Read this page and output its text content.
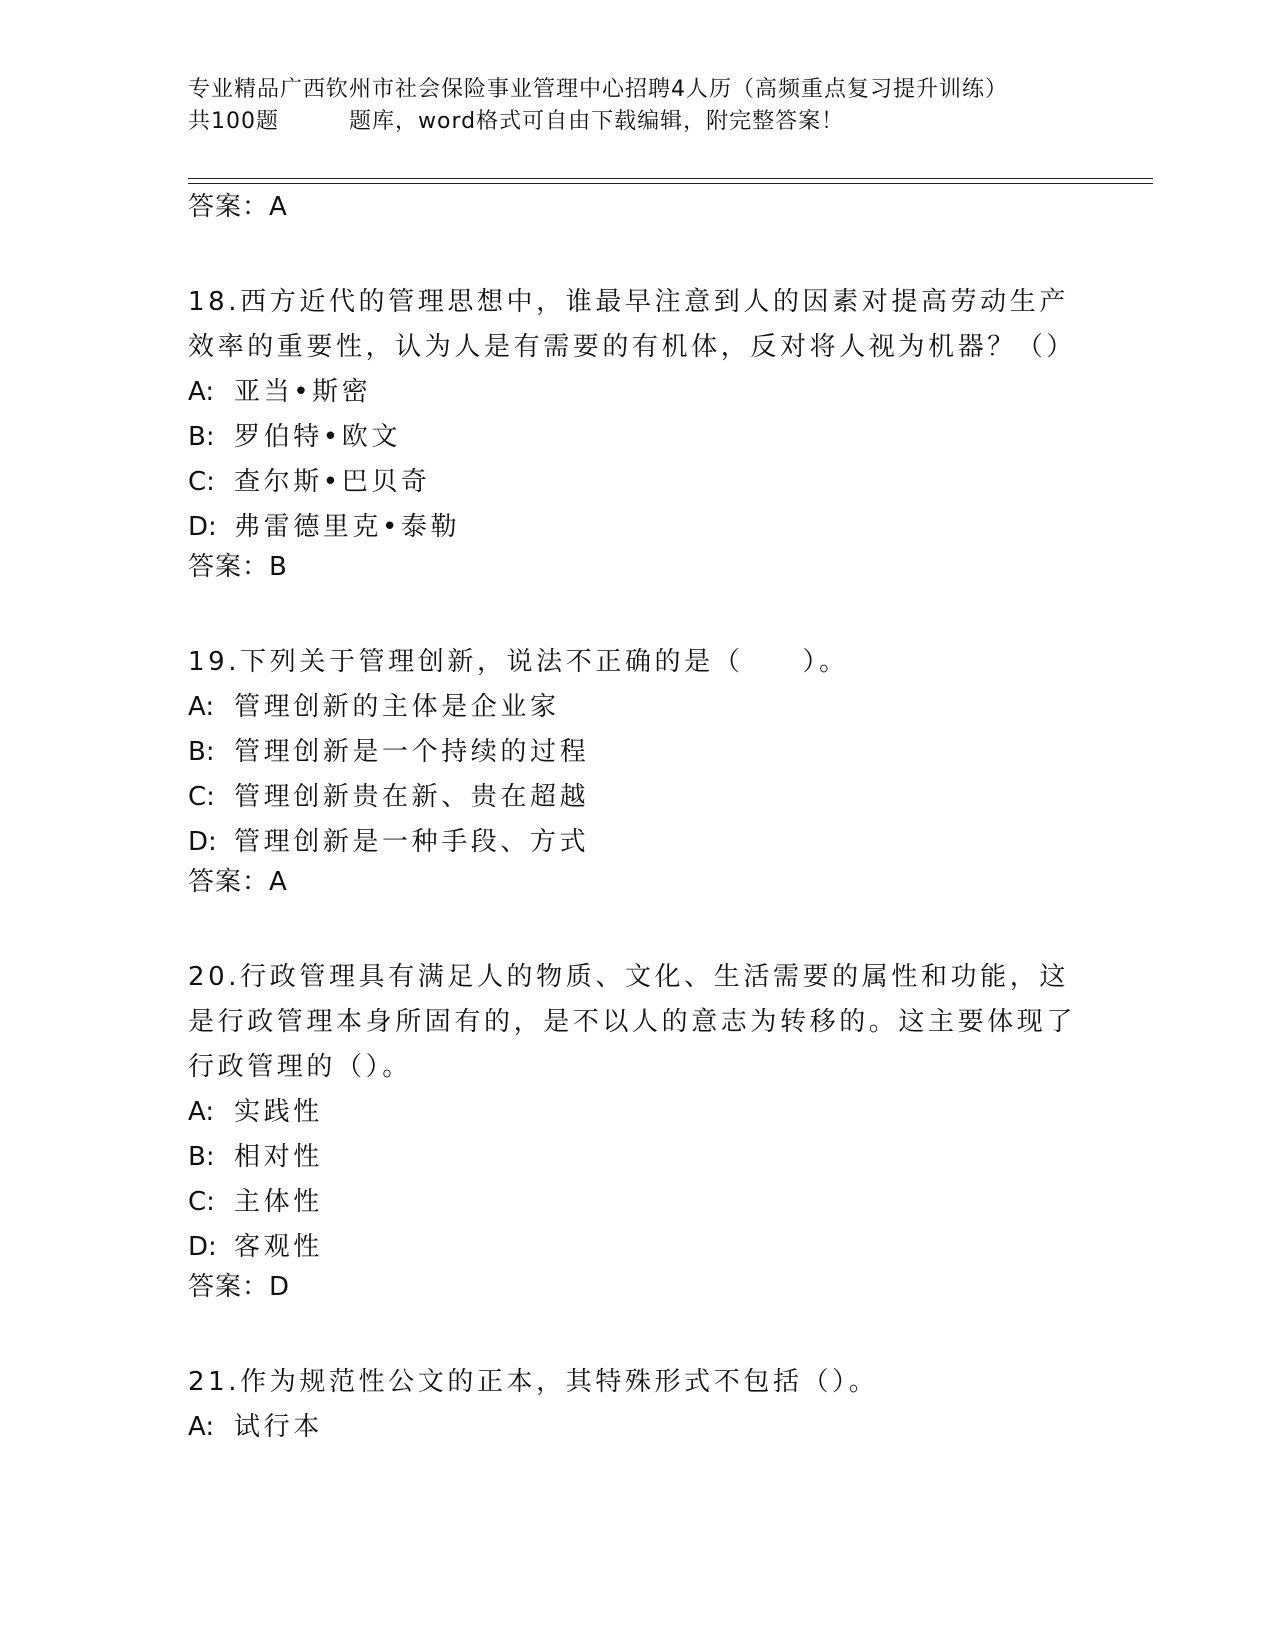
专业精品广西钦州市社会保险事业管理中心招聘4人历（高频重点复习提升训练）
共100题	题库，word格式可自由下载编辑，附完整答案！
答案：A
18.西方近代的管理思想中，谁最早注意到人的因素对提高劳动生产效率的重要性，认为人是有需要的有机体，反对将人视为机器？（）
A: 亚当•斯密
B: 罗伯特•欧文
C: 查尔斯•巴贝奇
D: 弗雷德里克•泰勒
答案：B
19.下列关于管理创新，说法不正确的是（　　）。
A: 管理创新的主体是企业家
B: 管理创新是一个持续的过程
C: 管理创新贵在新、贵在超越
D: 管理创新是一种手段、方式
答案：A
20.行政管理具有满足人的物质、文化、生活需要的属性和功能，这是行政管理本身所固有的，是不以人的意志为转移的。这主要体现了行政管理的（）。
A: 实践性
B: 相对性
C: 主体性
D: 客观性
答案：D
21.作为规范性公文的正本，其特殊形式不包括（）。
A: 试行本
